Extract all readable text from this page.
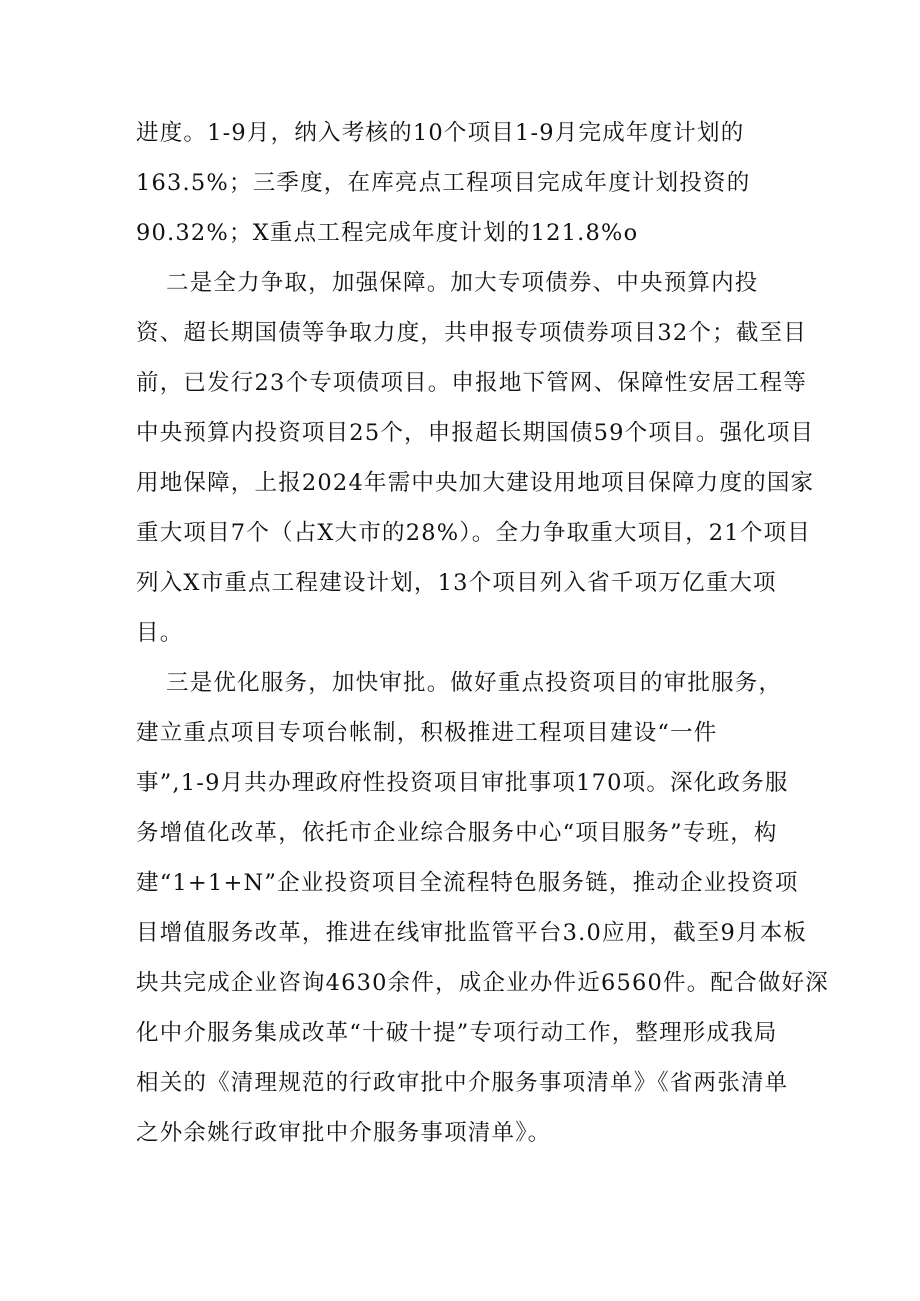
进度。1-9月，纳入考核的10个项目1-9月完成年度计划的
163.5%；三季度，在库亮点工程项目完成年度计划投资的
90.32%；X重点工程完成年度计划的121.8%o
二是全力争取，加强保障。加大专项债券、中央预算内投
资、超长期国债等争取力度，共申报专项债券项目32个；截至目
前，已发行23个专项债项目。申报地下管网、保障性安居工程等
中央预算内投资项目25个，申报超长期国债59个项目。强化项目
用地保障，上报2024年需中央加大建设用地项目保障力度的国家
重大项目7个（占X大市的28%）。全力争取重大项目，21个项目
列入X市重点工程建设计划，13个项目列入省千项万亿重大项
目。
三是优化服务，加快审批。做好重点投资项目的审批服务，
建立重点项目专项台帐制，积极推进工程项目建设“一件
事”,1-9月共办理政府性投资项目审批事项170项。深化政务服
务增值化改革，依托市企业综合服务中心“项目服务”专班，构
建“1+1+N”企业投资项目全流程特色服务链，推动企业投资项
目增值服务改革，推进在线审批监管平台3.0应用，截至9月本板
块共完成企业咨询4630余件，成企业办件近6560件。配合做好深
化中介服务集成改革“十破十提”专项行动工作，整理形成我局
相关的《清理规范的行政审批中介服务事项清单》《省两张清单
之外余姚行政审批中介服务事项清单》。
